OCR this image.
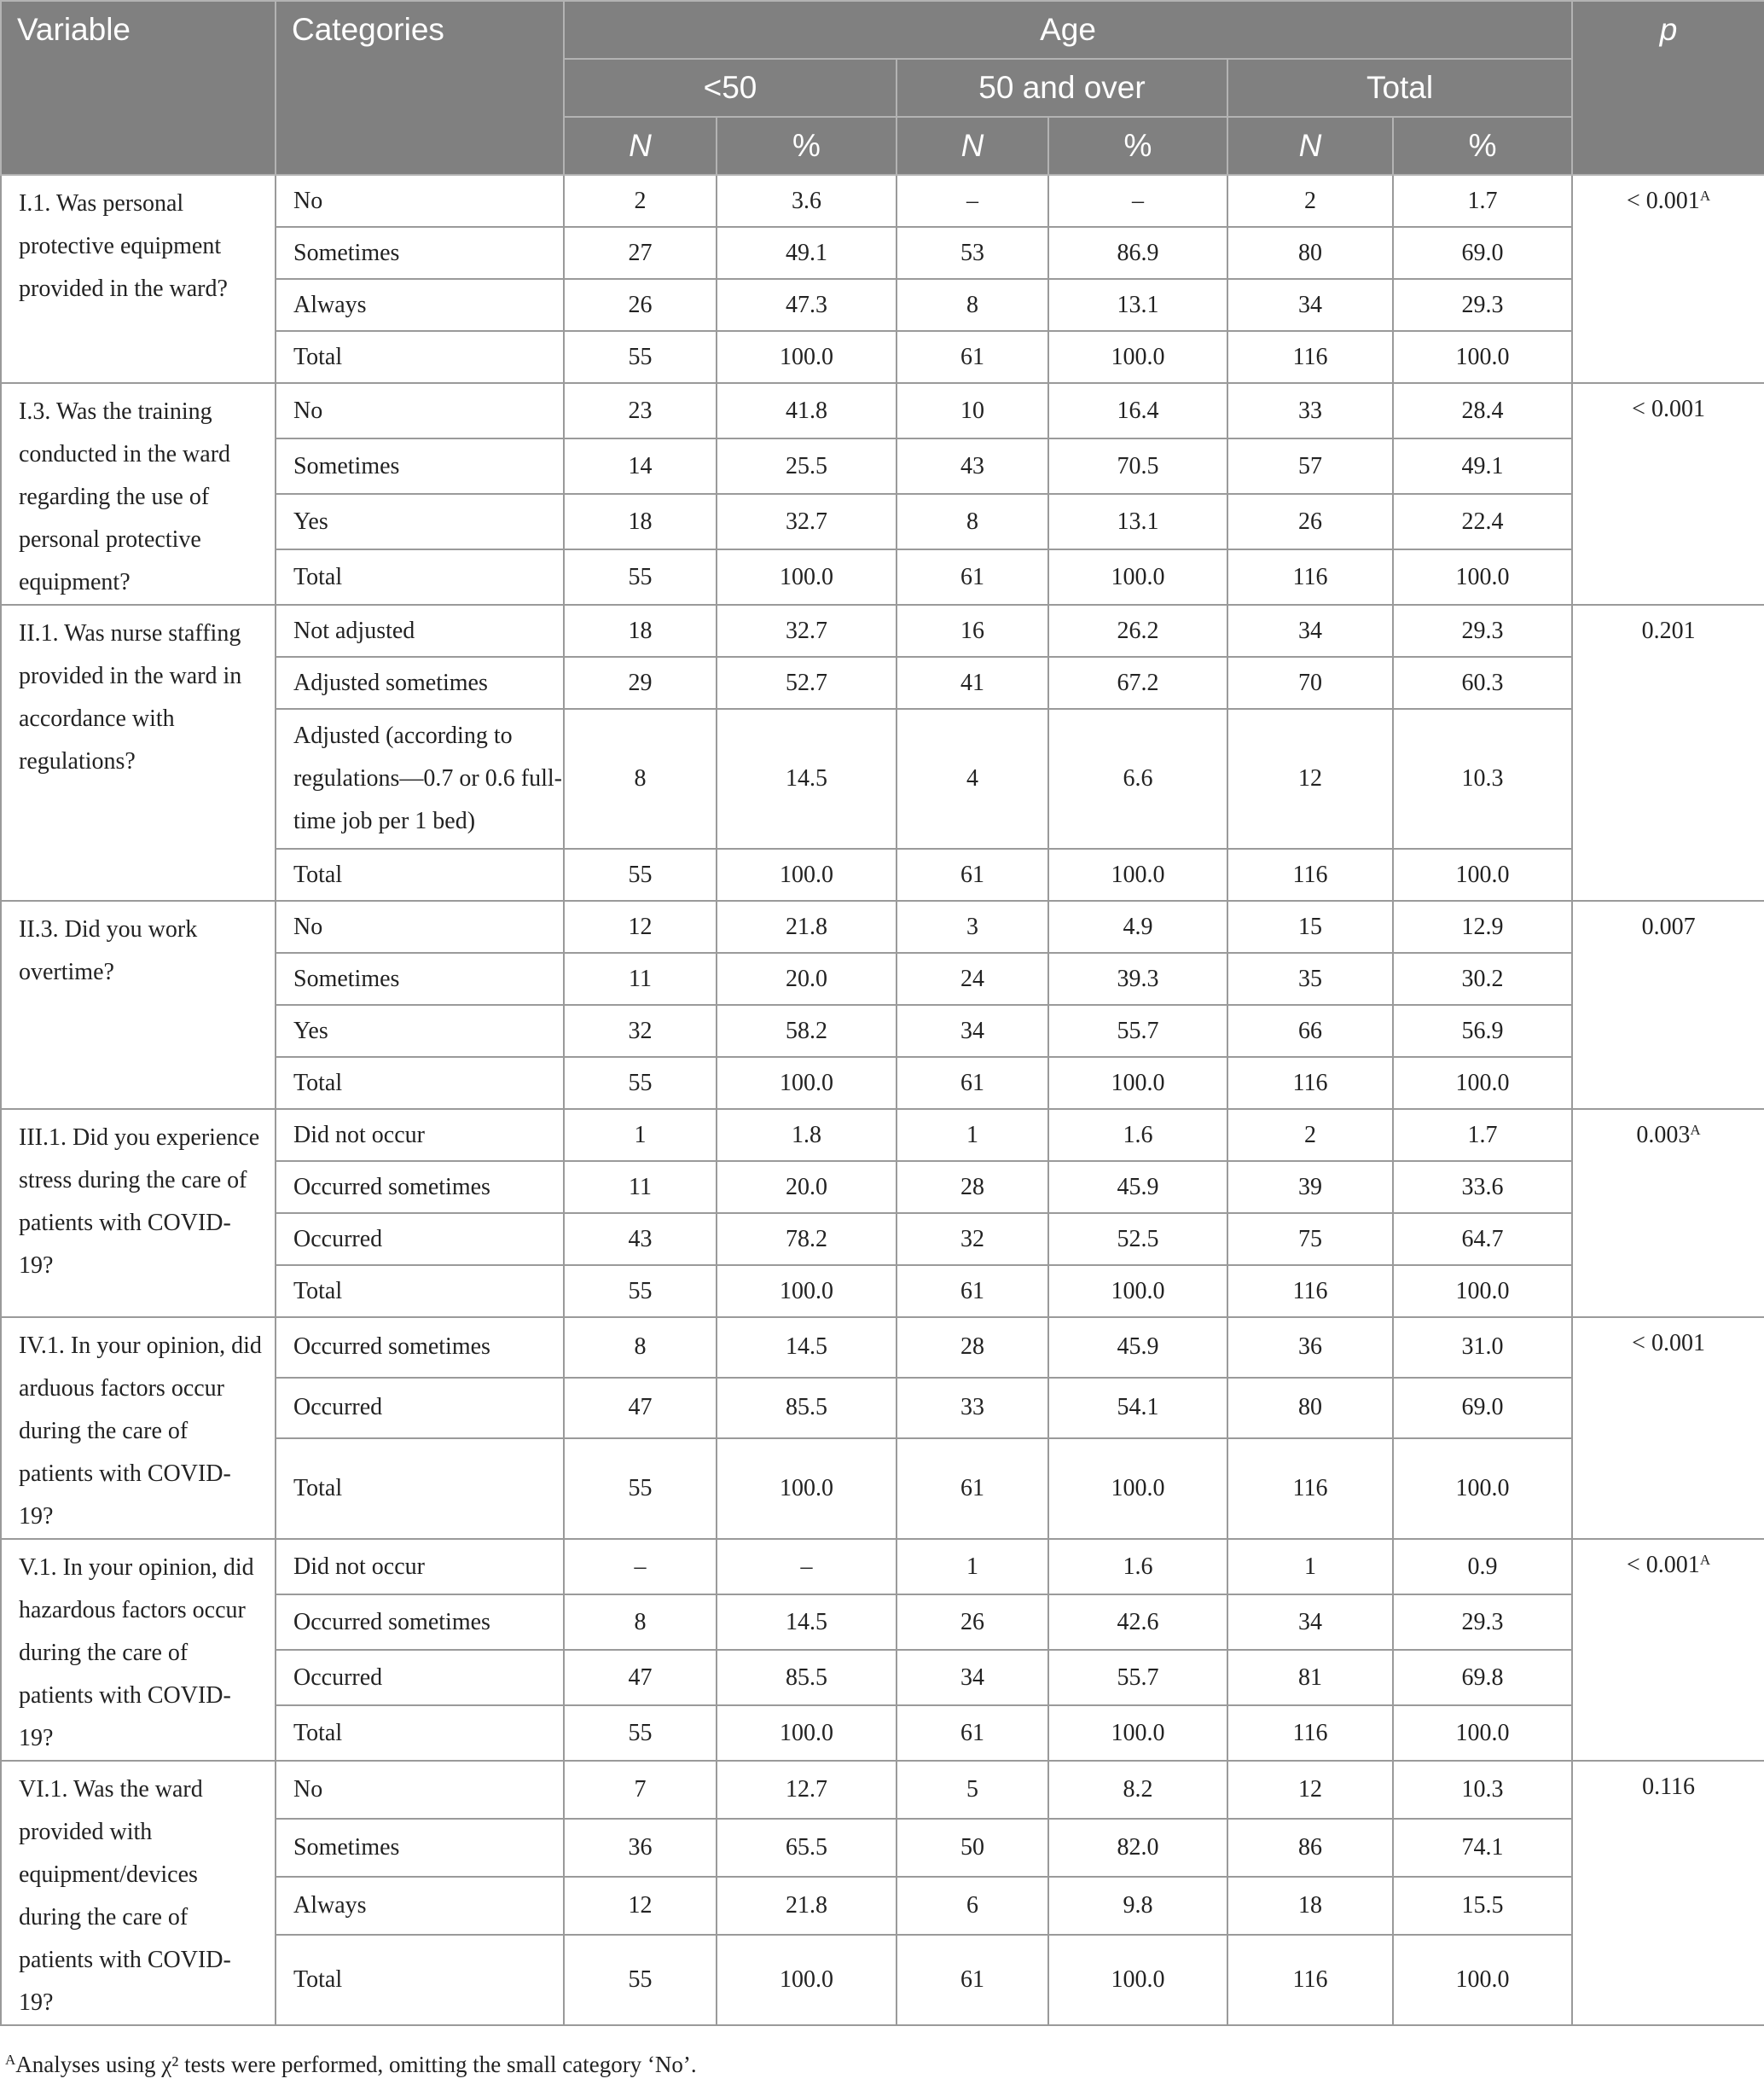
Variable	Categories	Age						p
		<50		50 and over		Total		
		N	%	N	%	N	%	
I.1. Was personal protective equipment provided in the ward?	No	2	3.6	–	–	2	1.7	< $0.001^A$
	Sometimes	27	49.1	53	86.9	80	69.0	
	Always	26	47.3	8	13.1	34	29.3	
	Total	55	100.0	61	100.0	116	100.0	
I.3. Was the training conducted in the ward regarding the use of personal protective equipment?	No	23	41.8	10	16.4	33	28.4	< 0.001
	Sometimes	14	25.5	43	70.5	57	49.1	
	Yes	18	32.7	8	13.1	26	22.4	
	Total	55	100.0	61	100.0	116	100.0	
II.1. Was nurse staffing provided in the ward in accordance with regulations?	Not adjusted	18	32.7	16	26.2	34	29.3	0.201
	Adjusted sometimes	29	52.7	41	67.2	70	60.3	
	Adjusted (according to regulations—0.7 or 0.6 full-time job per 1 bed)	8	14.5	4	6.6	12	10.3	
	Total	55	100.0	61	100.0	116	100.0	
II.3. Did you work overtime?	No	12	21.8	3	4.9	15	12.9	0.007
	Sometimes	11	20.0	24	39.3	35	30.2	
	Yes	32	58.2	34	55.7	66	56.9	
	Total	55	100.0	61	100.0	116	100.0	
III.1. Did you experience stress during the care of patients with COVID-19?	Did not occur	1	1.8	1	1.6	2	1.7	$0.003^A$
	Occurred sometimes	11	20.0	28	45.9	39	33.6	
	Occurred	43	78.2	32	52.5	75	64.7	
	Total	55	100.0	61	100.0	116	100.0	
IV.1. In your opinion, did arduous factors occur during the care of patients with COVID-19?	Occurred sometimes	8	14.5	28	45.9	36	31.0	< 0.001
	Occurred	47	85.5	33	54.1	80	69.0	
	Total	55	100.0	61	100.0	116	100.0	
V.1. In your opinion, did hazardous factors occur during the care of patients with COVID-19?	Did not occur	–	–	1	1.6	1	0.9	< $0.001^A$
	Occurred sometimes	8	14.5	26	42.6	34	29.3	
	Occurred	47	85.5	34	55.7	81	69.8	
	Total	55	100.0	61	100.0	116	100.0	
VI.1. Was the ward provided with equipment/devices during the care of patients with COVID-19?	No	7	12.7	5	8.2	12	10.3	0.116
	Sometimes	36	65.5	50	82.0	86	74.1	
	Always	12	21.8	6	9.8	18	15.5	
	Total	55	100.0	61	100.0	116	100.0	
$^A$Analyses using χ² tests were performed, omitting the small category ‘No’.
